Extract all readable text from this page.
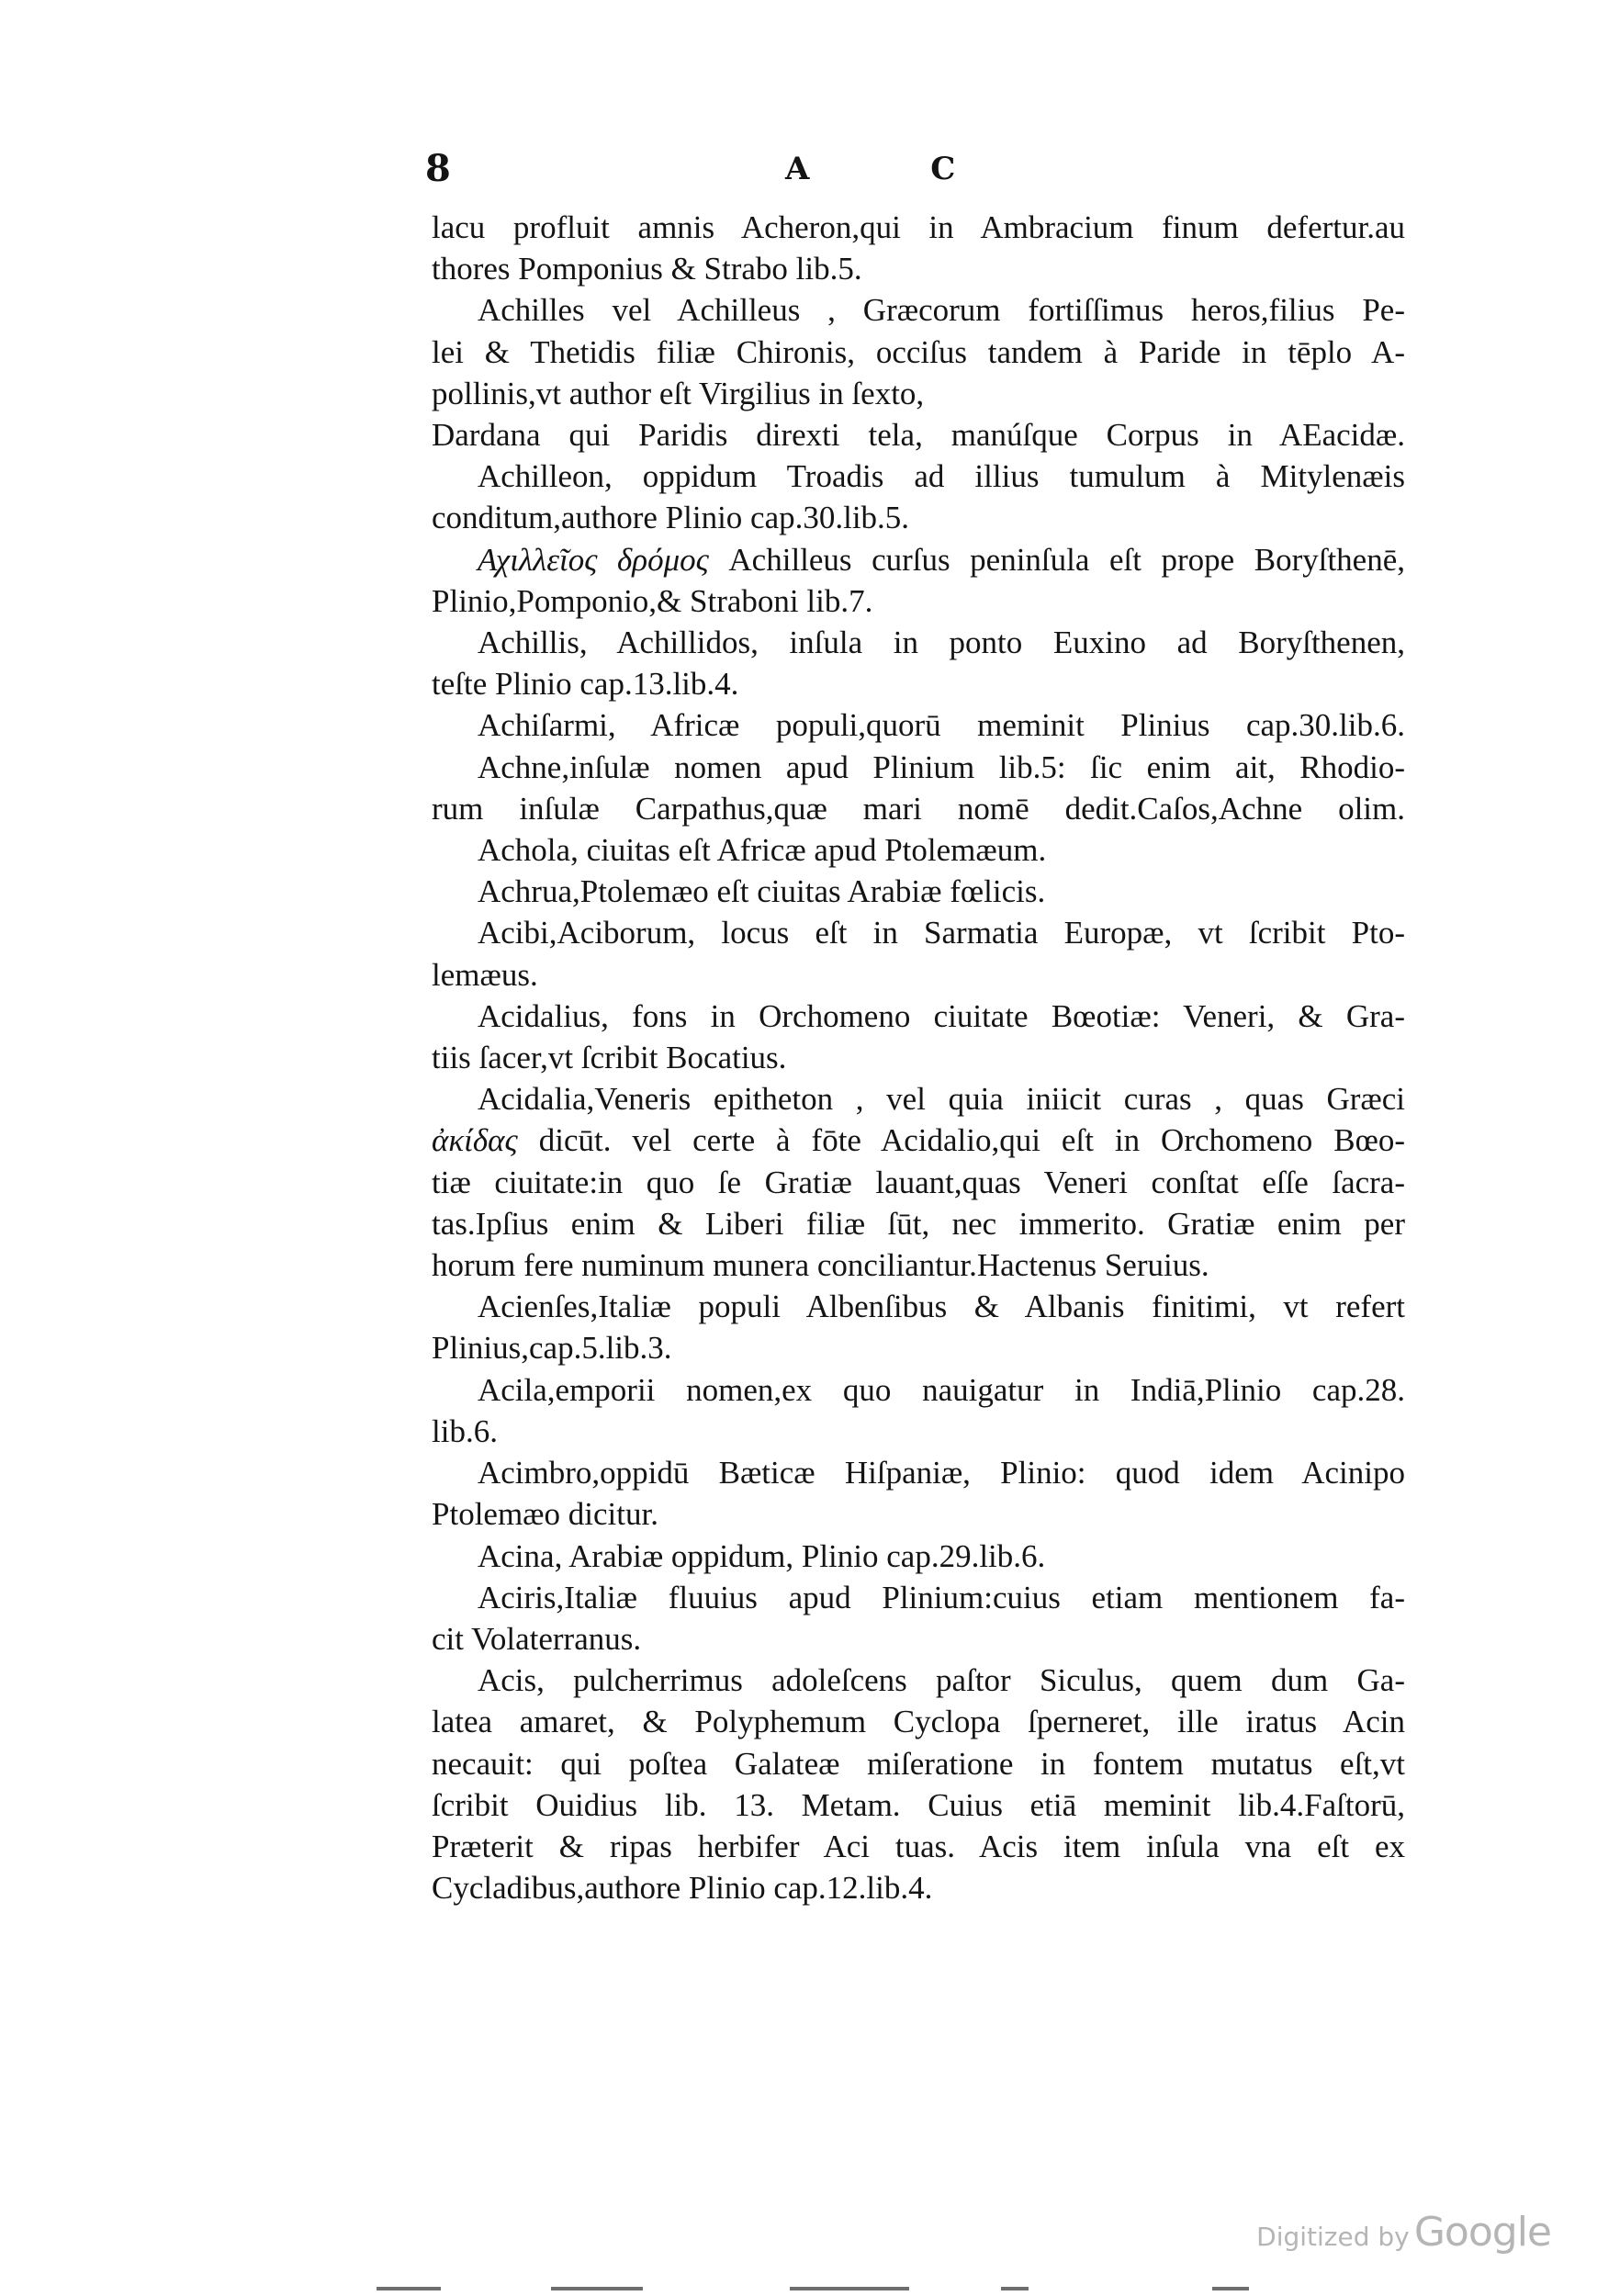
8	A C
lacu profluit amnis Acheron,qui in Ambracium finum defertur.au
thores Pomponius & Strabo lib.5.
Achilles vel Achilleus , Græcorum fortiſſimus heros,filius Pe-
lei & Thetidis filiæ Chironis, occiſus tandem à Paride in tēplo A-
pollinis,vt author eſt Virgilius in ſexto,
Dardana qui Paridis direxti tela, manúſque Corpus in AEacidæ.
Achilleon, oppidum Troadis ad illius tumulum à Mitylenæis
conditum,authore Plinio cap.30.lib.5.
Αχιλλεῖος δρόμος Achilleus curſus peninſula eſt prope Boryſthenē,
Plinio,Pomponio,& Straboni lib.7.
Achillis, Achillidos, inſula in ponto Euxino ad Boryſthenen,
teſte Plinio cap.13.lib.4.
Achiſarmi, Africæ populi,quorū meminit Plinius cap.30.lib.6.
Achne,inſulæ nomen apud Plinium lib.5: ſic enim ait, Rhodio-
rum inſulæ Carpathus,quæ mari nomē dedit.Caſos,Achne olim.
Achola, ciuitas eſt Africæ apud Ptolemæum.
Achrua,Ptolemæo eſt ciuitas Arabiæ fœlicis.
Acibi,Aciborum, locus eſt in Sarmatia Europæ, vt ſcribit Pto-
lemæus.
Acidalius, fons in Orchomeno ciuitate Bœotiæ: Veneri, & Gra-
tiis ſacer,vt ſcribit Bocatius.
Acidalia,Veneris epitheton , vel quia iniicit curas , quas Græci
ἀκίδας dicūt. vel certe à fōte Acidalio,qui eſt in Orchomeno Bœo-
tiæ ciuitate:in quo ſe Gratiæ lauant,quas Veneri conſtat eſſe ſacra-
tas.Ipſius enim & Liberi filiæ ſūt, nec immerito. Gratiæ enim per
horum fere numinum munera conciliantur.Hactenus Seruius.
Acienſes,Italiæ populi Albenſibus & Albanis finitimi, vt refert
Plinius,cap.5.lib.3.
Acila,emporii nomen,ex quo nauigatur in Indiā,Plinio cap.28.
lib.6.
Acimbro,oppidū Bæticæ Hiſpaniæ, Plinio: quod idem Acinipo
Ptolemæo dicitur.
Acina, Arabiæ oppidum, Plinio cap.29.lib.6.
Aciris,Italiæ fluuius apud Plinium:cuius etiam mentionem fa-
cit Volaterranus.
Acis, pulcherrimus adoleſcens paſtor Siculus, quem dum Ga-
latea amaret, & Polyphemum Cyclopa ſperneret, ille iratus Acin
necauit: qui poſtea Galateæ miſeratione in fontem mutatus eſt,vt
ſcribit Ouidius lib. 13. Metam. Cuius etiā meminit lib.4.Faſtorū,
Præterit & ripas herbifer Aci tuas. Acis item inſula vna eſt ex
Cycladibus,authore Plinio cap.12.lib.4.
Digitized by Google
